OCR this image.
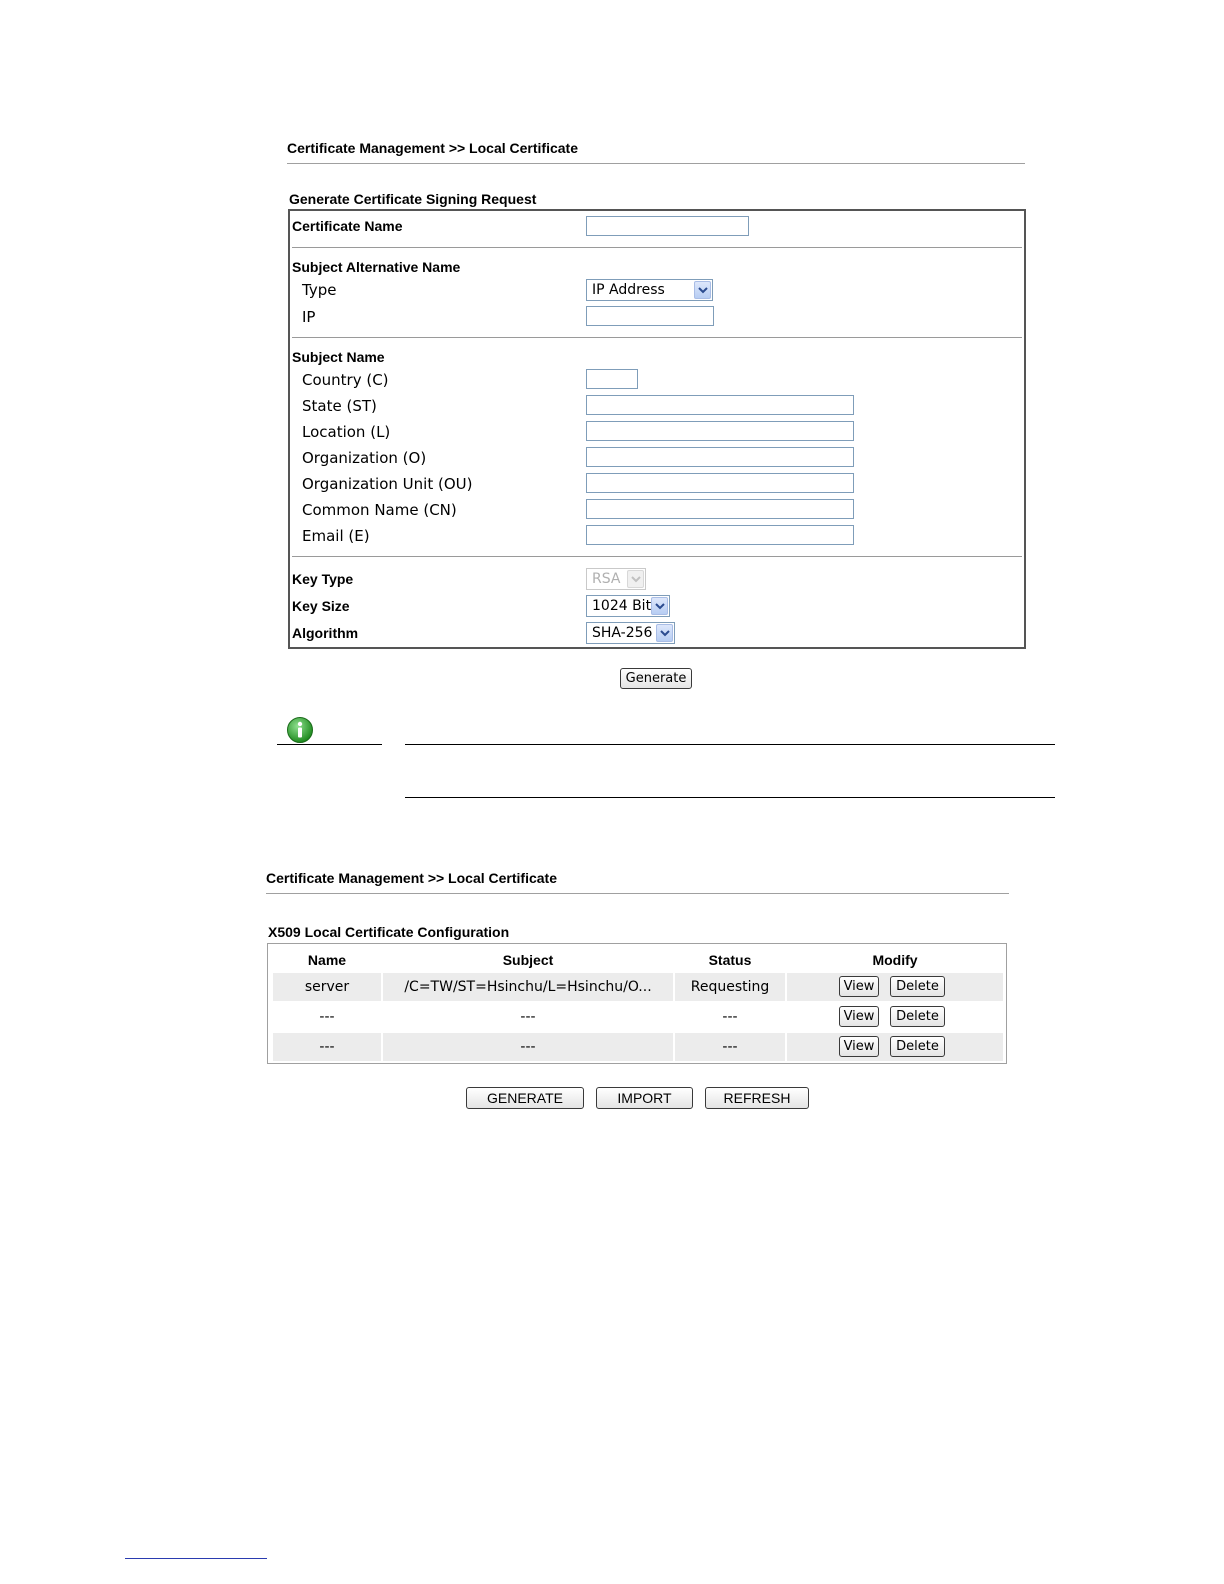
Certificate Management >> Local Certificate
Generate Certificate Signing Request
Certificate Name
Subject Alternative Name
Type	IP Address
IP
Subject Name
Country (C)
State (ST)
Location (L)
Organization (O)
Organization Unit (OU)
Common Name (CN)
Email (E)
Key Type	RSA
Key Size	1024 Bit
Algorithm	SHA-256
Generate
Certificate Management >> Local Certificate
X509 Local Certificate Configuration
Name	Subject	Status	Modify
server	/C=TW/ST=Hsinchu/L=Hsinchu/O...	Requesting	View	Delete
---	---	---	View	Delete
---	---	---	View	Delete
GENERATE	IMPORT	REFRESH
